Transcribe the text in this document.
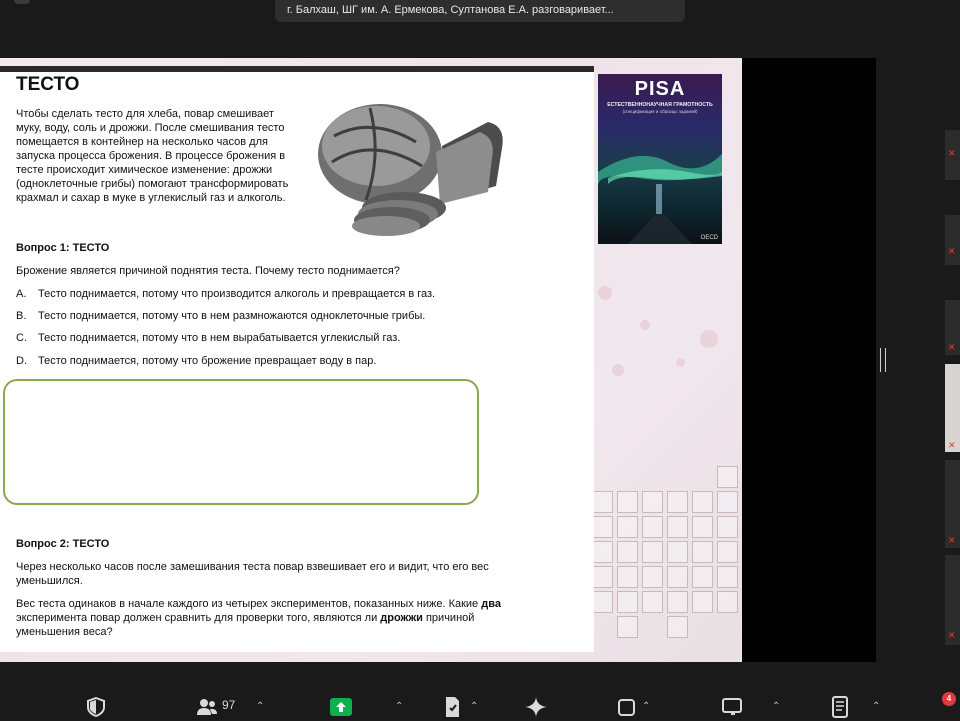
г. Балхаш, ШГ им. А. Ермекова, Султанова Е.А. разговаривает...
PISA
ЕСТЕСТВЕННОНАУЧНАЯ ГРАМОТНОСТЬ
(спецификация и образцы заданий)
OECD
ТЕСТО
Чтобы сделать тесто для хлеба, повар смешивает муку, воду, соль и дрожжи. После смешивания тесто помещается в контейнер на несколько часов для запуска процесса брожения. В процессе брожения в тесте происходит химическое изменение: дрожжи (одноклеточные грибы) помогают трансформировать крахмал и сахар в муке в углекислый газ и алкоголь.
Вопрос 1: ТЕСТО
Брожение является причиной поднятия теста. Почему тесто поднимается?
A. Тесто поднимается, потому что производится алкоголь и превращается в газ.
B. Тесто поднимается, потому что в нем размножаются одноклеточные грибы.
C. Тесто поднимается, потому что в нем вырабатывается углекислый газ.
D. Тесто поднимается, потому что брожение превращает воду в пар.
Вопрос 2: ТЕСТО
Через несколько часов после замешивания теста повар взвешивает его и видит, что его вес уменьшился.
Вес теста одинаков в начале каждого из четырех экспериментов, показанных ниже. Какие два эксперимента повар должен сравнить для проверки того, являются ли дрожжи причиной уменьшения веса?
✕
✕
✕
✕
✕
✕
97 ⌃	⌃	⌃	⌃	⌃	⌃
4
